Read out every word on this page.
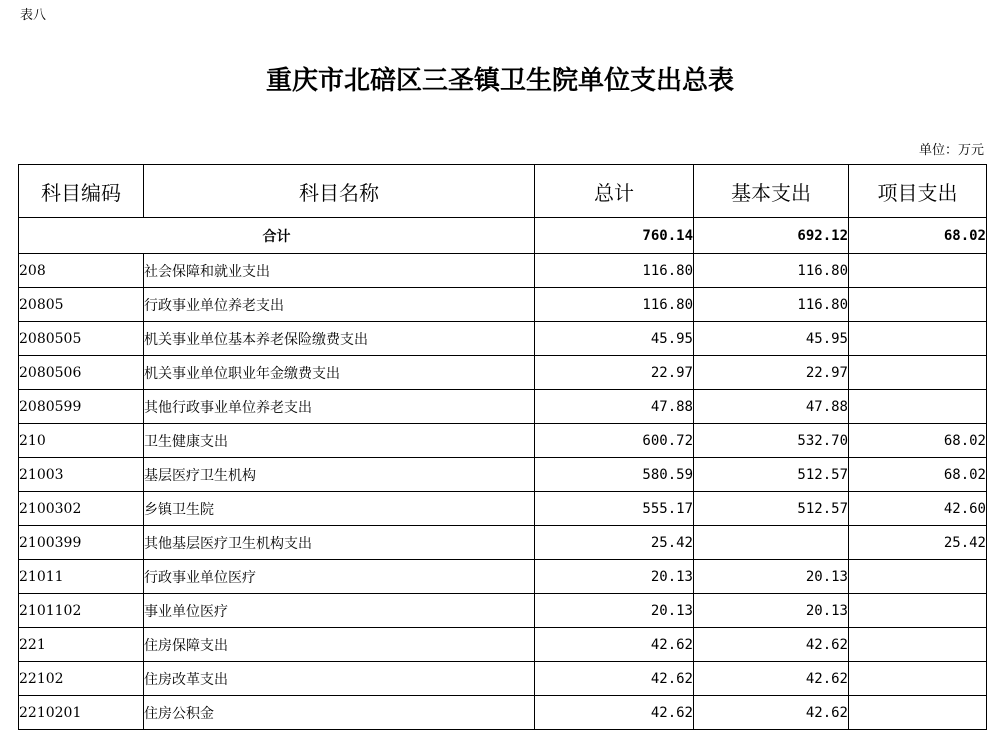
表八
重庆市北碚区三圣镇卫生院单位支出总表
单位：万元
科目编码	科目名称	总计	基本支出	项目支出
合计		760.14	692.12	68.02
208	社会保障和就业支出	116.80	116.80	
20805	行政事业单位养老支出	116.80	116.80	
2080505	机关事业单位基本养老保险缴费支出	45.95	45.95	
2080506	机关事业单位职业年金缴费支出	22.97	22.97	
2080599	其他行政事业单位养老支出	47.88	47.88	
210	卫生健康支出	600.72	532.70	68.02
21003	基层医疗卫生机构	580.59	512.57	68.02
2100302	乡镇卫生院	555.17	512.57	42.60
2100399	其他基层医疗卫生机构支出	25.42		25.42
21011	行政事业单位医疗	20.13	20.13	
2101102	事业单位医疗	20.13	20.13	
221	住房保障支出	42.62	42.62	
22102	住房改革支出	42.62	42.62	
2210201	住房公积金	42.62	42.62	
